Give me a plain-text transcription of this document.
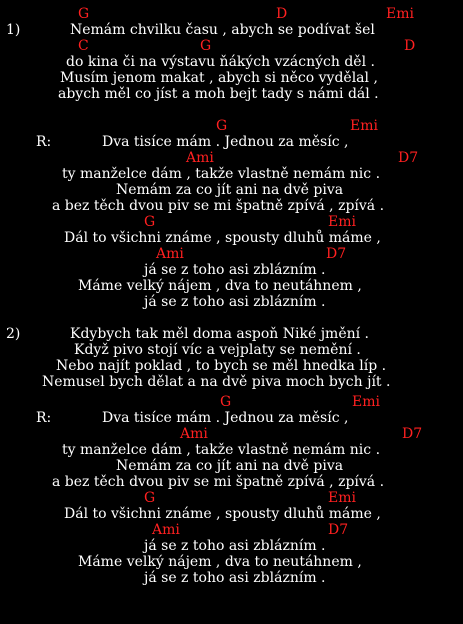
G	D	Emi
1)	Nemám chvilku času , abych se podívat šel
C	G	D
do kina či na výstavu ňákých vzácných děl .
Musím jenom makat , abych si něco vydělal ,
abych měl co jíst a moh bejt tady s námi dál .
G	Emi
R:	Dva tisíce mám . Jednou za měsíc ,
Ami	D7
ty manželce dám , takže vlastně nemám nic .
Nemám za co jít ani na dvě piva
a bez těch dvou piv se mi špatně zpívá , zpívá .
G	Emi
Dál to všichni známe , spousty dluhů máme ,
Ami	D7
já se z toho asi zblázním .
Máme velký nájem , dva to neutáhnem ,
já se z toho asi zblázním .
2)	Kdybych tak měl doma aspoň Niké jmění .
Když pivo stojí víc a vejplaty se nemění .
Nebo najít poklad , to bych se měl hnedka líp .
Nemusel bych dělat a na dvě piva moch bych jít .
G	Emi
R:	Dva tisíce mám . Jednou za měsíc ,
Ami	D7
ty manželce dám , takže vlastně nemám nic .
Nemám za co jít ani na dvě piva
a bez těch dvou piv se mi špatně zpívá , zpívá .
G	Emi
Dál to všichni známe , spousty dluhů máme ,
Ami	D7
já se z toho asi zblázním .
Máme velký nájem , dva to neutáhnem ,
já se z toho asi zblázním .
